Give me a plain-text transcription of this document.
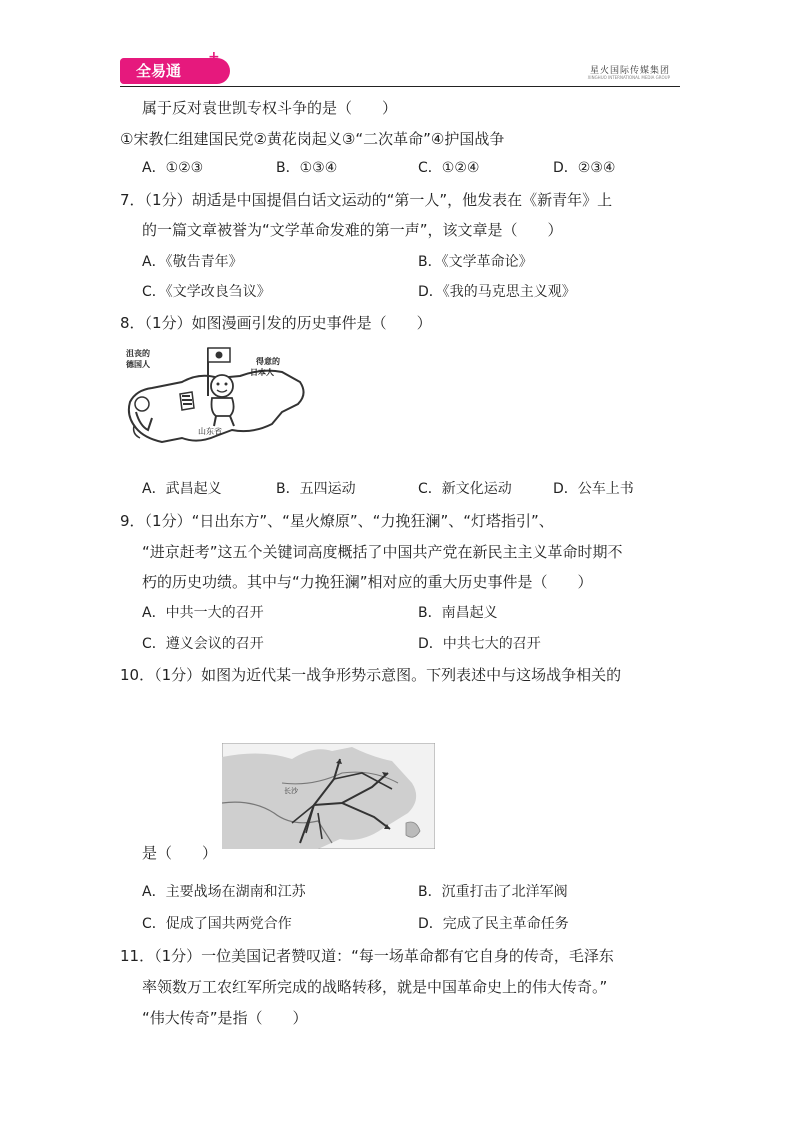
全易通
+
星火国际传媒集团
XINGHUO INTERNATIONAL MEDIA GROUP
属于反对袁世凯专权斗争的是（　　）
①宋教仁组建国民党②黄花岗起义③“二次革命”④护国战争
A．①②③	B．①③④	C．①②④	D．②③④
7．（1分）胡适是中国提倡白话文运动的“第一人”，他发表在《新青年》上
的一篇文章被誉为“文学革命发难的第一声”，该文章是（　　）
A．《敬告青年》	B．《文学革命论》
C．《文学改良刍议》	D．《我的马克思主义观》
8．（1分）如图漫画引发的历史事件是（　　）
沮丧的
德国人	得意的
日本人
山东省
A．武昌起义	B．五四运动	C．新文化运动	D．公车上书
9．（1分）“日出东方”、“星火燎原”、“力挽狂澜”、“灯塔指引”、
“进京赶考”这五个关键词高度概括了中国共产党在新民主主义革命时期不
朽的历史功绩。其中与“力挽狂澜”相对应的重大历史事件是（　　）
A．中共一大的召开	B．南昌起义
C．遵义会议的召开	D．中共七大的召开
10．（1分）如图为近代某一战争形势示意图。下列表述中与这场战争相关的
长沙
是（　　）
A．主要战场在湖南和江苏	B．沉重打击了北洋军阀
C．促成了国共两党合作	D．完成了民主革命任务
11．（1分）一位美国记者赞叹道：“每一场革命都有它自身的传奇，毛泽东
率领数万工农红军所完成的战略转移，就是中国革命史上的伟大传奇。”
“伟大传奇”是指（　　）
